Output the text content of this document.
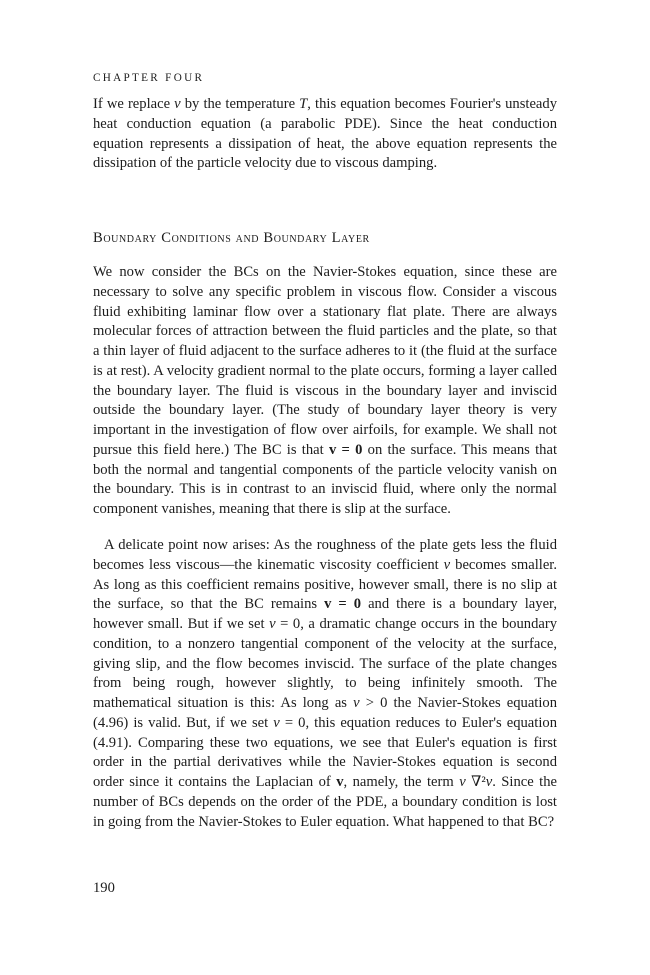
CHAPTER FOUR

If we replace v by the temperature T, this equation becomes Fourier's unsteady heat conduction equation (a parabolic PDE). Since the heat conduction equation represents a dissipation of heat, the above equation represents the dissipation of the particle velocity due to viscous damping.

Boundary Conditions and Boundary Layer

We now consider the BCs on the Navier-Stokes equation, since these are necessary to solve any specific problem in viscous flow. Consider a viscous fluid exhibiting laminar flow over a stationary flat plate. There are always molecular forces of attraction between the fluid particles and the plate, so that a thin layer of fluid adjacent to the surface adheres to it (the fluid at the surface is at rest). A velocity gradient normal to the plate occurs, forming a layer called the boundary layer. The fluid is viscous in the boundary layer and inviscid outside the boundary layer. (The study of boundary layer theory is very important in the investigation of flow over airfoils, for example. We shall not pursue this field here.) The BC is that v = 0 on the surface. This means that both the normal and tangential components of the particle velocity vanish on the boundary. This is in contrast to an inviscid fluid, where only the normal component vanishes, meaning that there is slip at the surface.

A delicate point now arises: As the roughness of the plate gets less the fluid becomes less viscous—the kinematic viscosity coefficient ν becomes smaller. As long as this coefficient remains positive, however small, there is no slip at the surface, so that the BC remains v = 0 and there is a boundary layer, however small. But if we set ν = 0, a dramatic change occurs in the boundary condition, to a nonzero tangential component of the velocity at the surface, giving slip, and the flow becomes inviscid. The surface of the plate changes from being rough, however slightly, to being infinitely smooth. The mathematical situation is this: As long as ν > 0 the Navier-Stokes equation (4.96) is valid. But, if we set ν = 0, this equation reduces to Euler's equation (4.91). Comparing these two equations, we see that Euler's equation is first order in the partial derivatives while the Navier-Stokes equation is second order since it contains the Laplacian of v, namely, the term ν ∇²v. Since the number of BCs depends on the order of the PDE, a boundary condition is lost in going from the Navier-Stokes to Euler equation. What happened to that BC?

190
